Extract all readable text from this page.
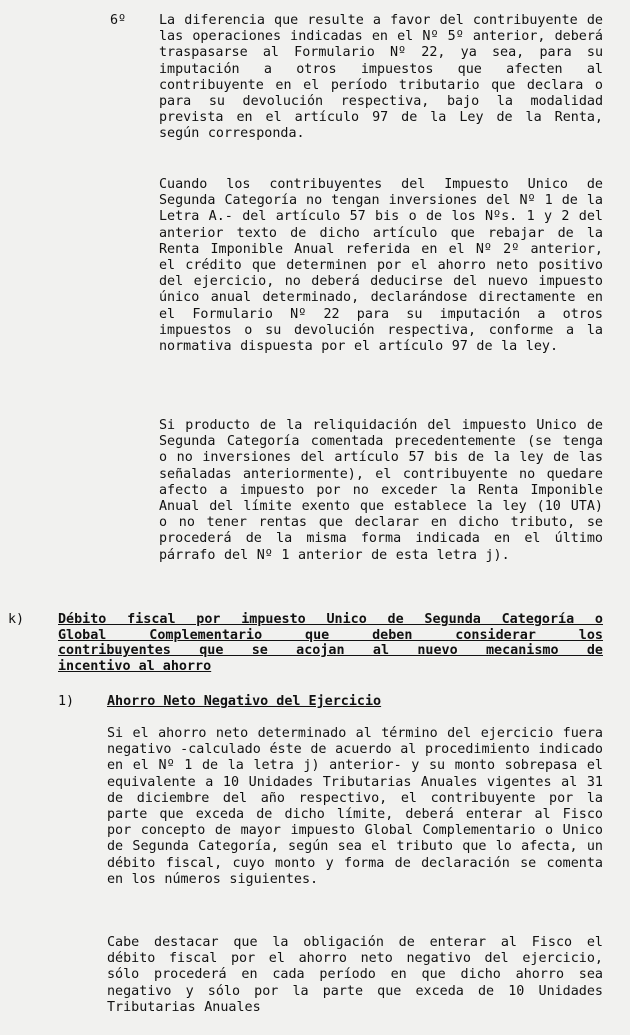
6º La diferencia que resulte a favor del contribuyente de las operaciones indicadas en el Nº 5º anterior, deberá traspasarse al Formulario Nº 22, ya sea, para su imputación a otros impuestos que afecten al contribuyente en el período tributario que declara o para su devolución respectiva, bajo la modalidad prevista en el artículo 97 de la Ley de la Renta, según corresponda.

Cuando los contribuyentes del Impuesto Unico de Segunda Categoría no tengan inversiones del Nº 1 de la Letra A.- del artículo 57 bis o de los Nºs. 1 y 2 del anterior texto de dicho artículo que rebajar de la Renta Imponible Anual referida en el Nº 2º anterior, el crédito que determinen por el ahorro neto positivo del ejercicio, no deberá deducirse del nuevo impuesto único anual determinado, declarándose directamente en el Formulario Nº 22 para su imputación a otros impuestos o su devolución respectiva, conforme a la normativa dispuesta por el artículo 97 de la ley.

Si producto de la reliquidación del impuesto Unico de Segunda Categoría comentada precedentemente (se tenga o no inversiones del artículo 57 bis de la ley de las señaladas anteriormente), el contribuyente no quedare afecto a impuesto por no exceder la Renta Imponible Anual del límite exento que establece la ley (10 UTA) o no tener rentas que declarar en dicho tributo, se procederá de la misma forma indicada en el último párrafo del Nº 1 anterior de esta letra j).

k)	Débito fiscal por impuesto Unico de Segunda Categoría o
Global Complementario que deben considerar los
contribuyentes que se acojan al nuevo mecanismo de
incentivo al ahorro
1) Ahorro Neto Negativo del Ejercicio

Si el ahorro neto determinado al término del ejercicio fuera negativo -calculado éste de acuerdo al procedimiento indicado en el Nº 1 de la letra j) anterior- y su monto sobrepasa el equivalente a 10 Unidades Tributarias Anuales vigentes al 31 de diciembre del año respectivo, el contribuyente por la parte que exceda de dicho límite, deberá enterar al Fisco por concepto de mayor impuesto Global Complementario o Unico de Segunda Categoría, según sea el tributo que lo afecta, un débito fiscal, cuyo monto y forma de declaración se comenta en los números siguientes.

Cabe destacar que la obligación de enterar al Fisco el débito fiscal por el ahorro neto negativo del ejercicio, sólo procederá en cada período en que dicho ahorro sea negativo y sólo por la parte que exceda de 10 Unidades Tributarias Anuales
